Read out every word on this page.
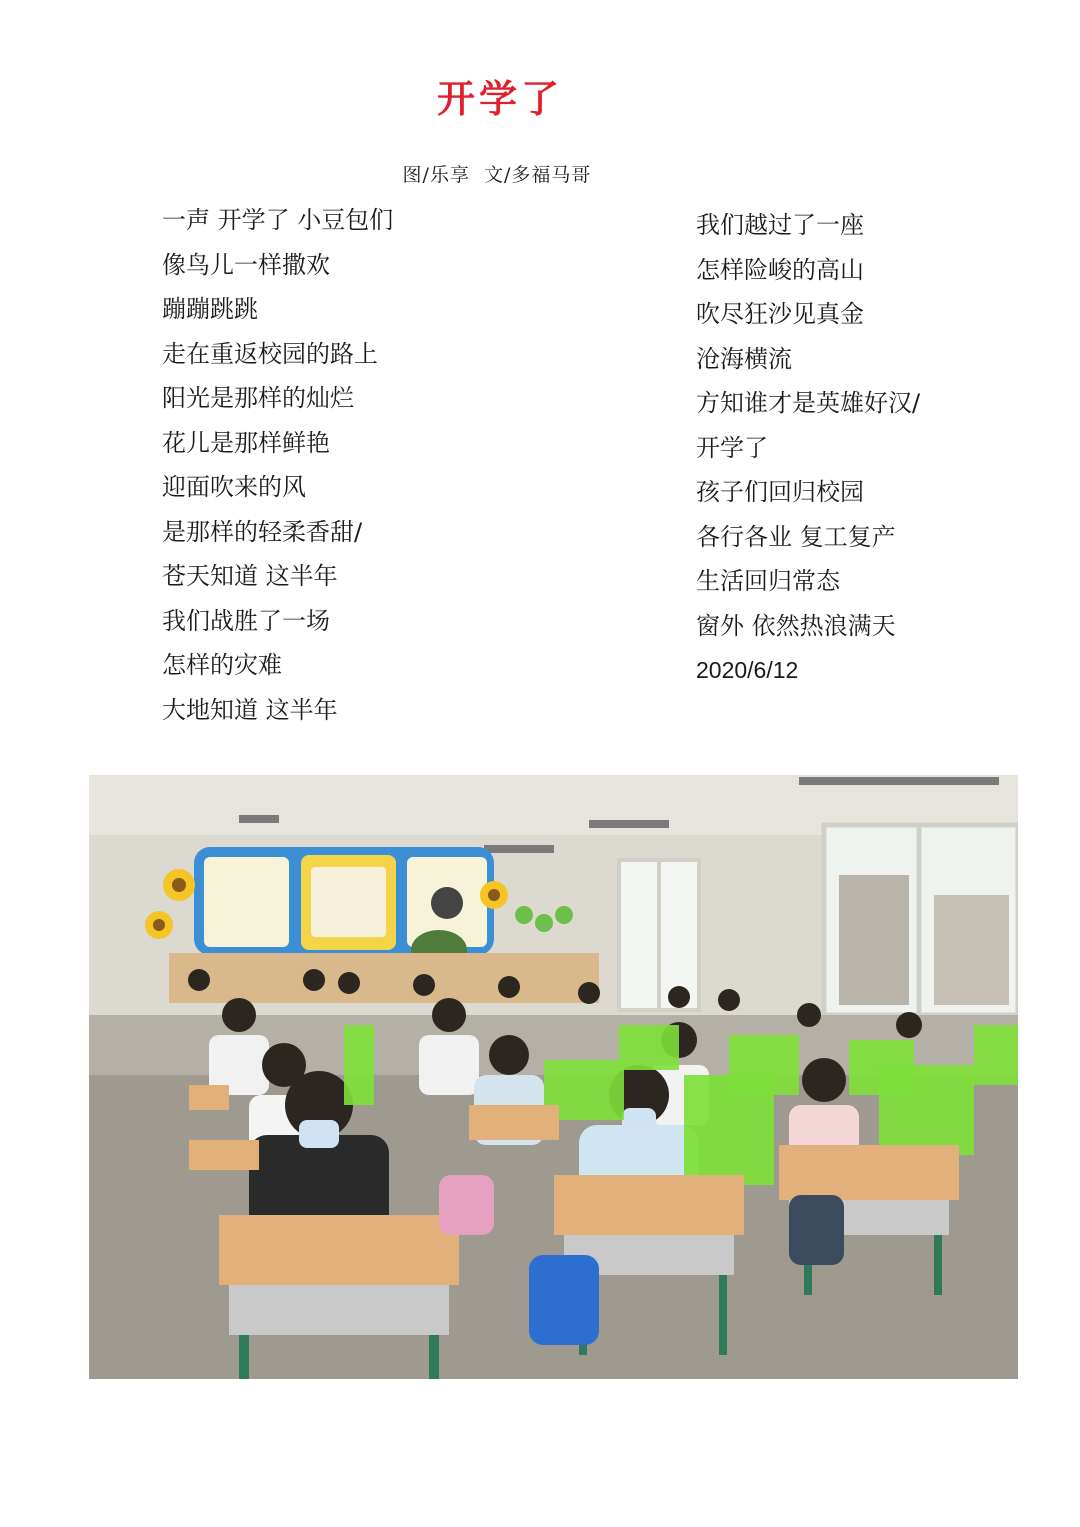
开学了
图/乐享  文/多福马哥
一声 开学了 小豆包们
像鸟儿一样撒欢
蹦蹦跳跳
走在重返校园的路上
阳光是那样的灿烂
花儿是那样鲜艳
迎面吹来的风
是那样的轻柔香甜/
苍天知道 这半年
我们战胜了一场
怎样的灾难
大地知道 这半年
我们越过了一座
怎样险峻的高山
吹尽狂沙见真金
沧海横流
方知谁才是英雄好汉/
开学了
孩子们回归校园
各行各业 复工复产
生活回归常态
窗外 依然热浪满天
2020/6/12
